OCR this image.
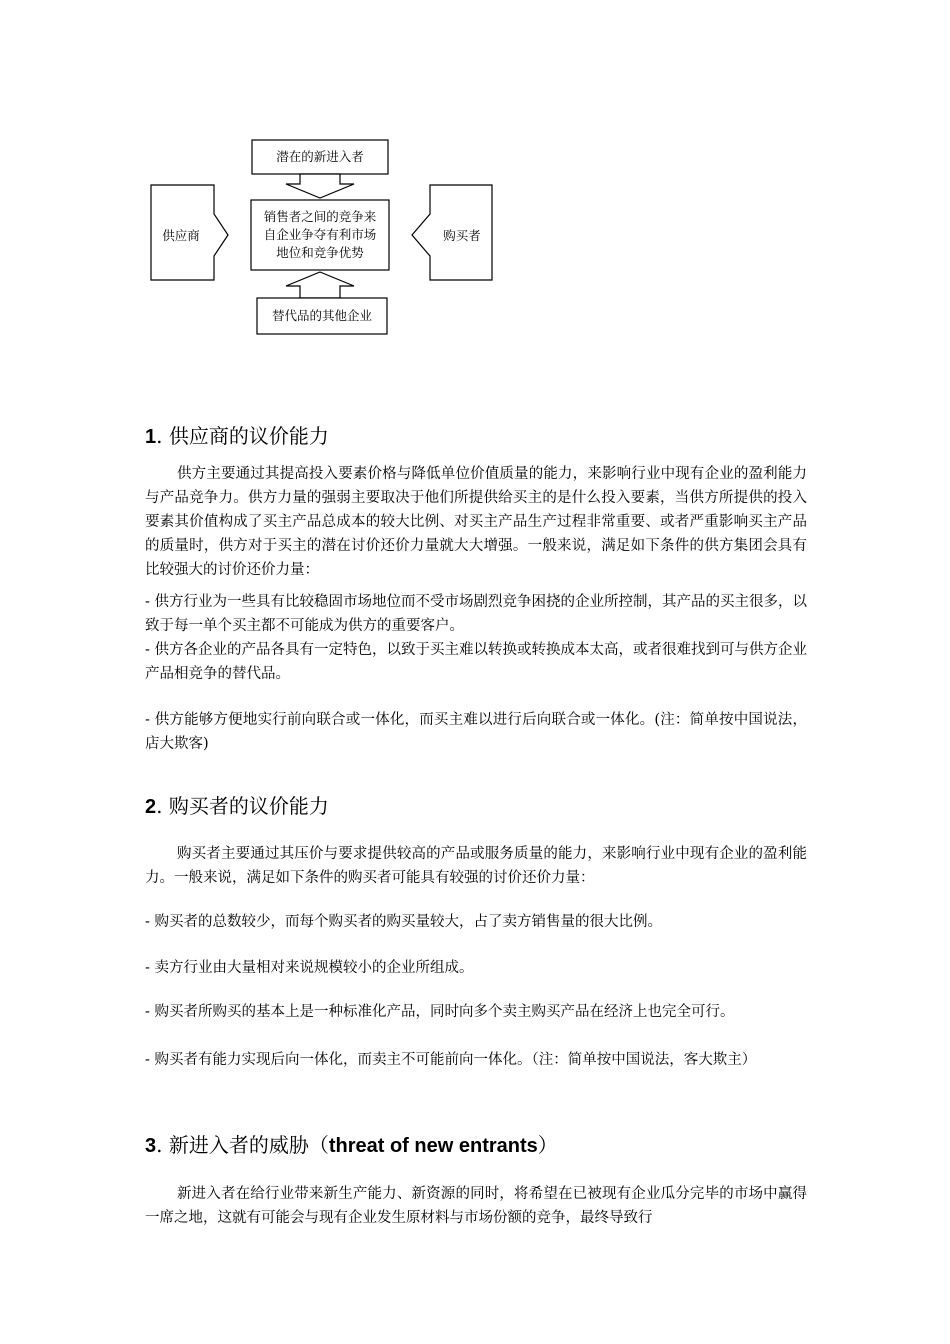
潜在的新进入者
供应商
销售者之间的竞争来
自企业争夺有利市场
地位和竞争优势
购买者
替代品的其他企业
1. 供应商的议价能力

供方主要通过其提高投入要素价格与降低单位价值质量的能力，来影响行业中现有企业的盈利能力与产品竞争力。供方力量的强弱主要取决于他们所提供给买主的是什么投入要素，当供方所提供的投入要素其价值构成了买主产品总成本的较大比例、对买主产品生产过程非常重要、或者严重影响买主产品的质量时，供方对于买主的潜在讨价还价力量就大大增强。一般来说，满足如下条件的供方集团会具有比较强大的讨价还价力量：

- 供方行业为一些具有比较稳固市场地位而不受市场剧烈竞争困挠的企业所控制，其产品的买主很多，以致于每一单个买主都不可能成为供方的重要客户。

- 供方各企业的产品各具有一定特色，以致于买主难以转换或转换成本太高，或者很难找到可与供方企业产品相竞争的替代品。

- 供方能够方便地实行前向联合或一体化，而买主难以进行后向联合或一体化。(注：简单按中国说法，店大欺客)

2. 购买者的议价能力

购买者主要通过其压价与要求提供较高的产品或服务质量的能力，来影响行业中现有企业的盈利能力。一般来说，满足如下条件的购买者可能具有较强的讨价还价力量：

- 购买者的总数较少，而每个购买者的购买量较大，占了卖方销售量的很大比例。

- 卖方行业由大量相对来说规模较小的企业所组成。

- 购买者所购买的基本上是一种标准化产品，同时向多个卖主购买产品在经济上也完全可行。

- 购买者有能力实现后向一体化，而卖主不可能前向一体化。（注：简单按中国说法，客大欺主）

3. 新进入者的威胁（threat of new entrants）

新进入者在给行业带来新生产能力、新资源的同时，将希望在已被现有企业瓜分完毕的市场中赢得一席之地，这就有可能会与现有企业发生原材料与市场份额的竞争，最终导致行
